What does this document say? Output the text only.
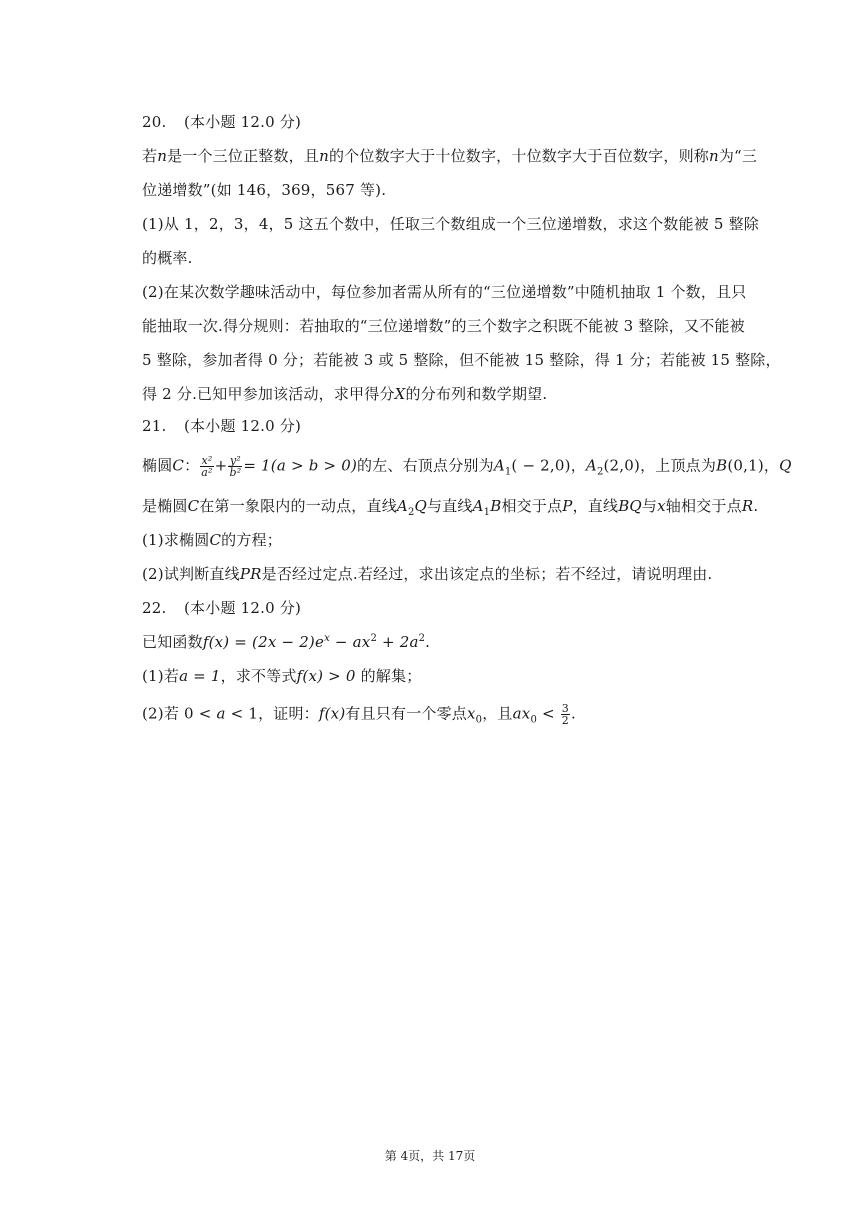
20. (本小题 12.0 分)
若n是一个三位正整数，且n的个位数字大于十位数字，十位数字大于百位数字，则称n为“三
位递增数”(如 146，369，567 等).
(1)从 1，2，3，4，5 这五个数中，任取三个数组成一个三位递增数，求这个数能被 5 整除
的概率.
(2)在某次数学趣味活动中，每位参加者需从所有的“三位递增数”中随机抽取 1 个数，且只
能抽取一次.得分规则：若抽取的“三位递增数”的三个数字之积既不能被 3 整除，又不能被
5 整除，参加者得 0 分；若能被 3 或 5 整除，但不能被 15 整除，得 1 分；若能被 15 整除，
得 2 分.已知甲参加该活动，求甲得分X的分布列和数学期望.
21. (本小题 12.0 分)
椭圆C： $\frac{\text{x²}}{\text{a²}} + \frac{\text{y²}}{\text{b²}} = 1(a > b > 0)$的左、右顶点分别为$A_1( - 2,0)$，$A_2(2,0)$，上顶点为B(0,1)，Q
是椭圆C在第一象限内的一动点，直线$A_2Q$与直线$A_1B$相交于点P，直线BQ与x轴相交于点R.
(1)求椭圆C的方程；
(2)试判断直线PR是否经过定点.若经过，求出该定点的坐标；若不经过，请说明理由.
22. (本小题 12.0 分)
已知函数$f(x) = (2x - 2)e^x - ax^2 + 2a^2$.
(1)若a = 1，求不等式f(x) > 0 的解集；
(2)若 0 < a < 1，证明：f(x)有且只有一个零点$x_0$，且$ax_0 < \frac{3}{2}$ .
第 4页，共 17页
